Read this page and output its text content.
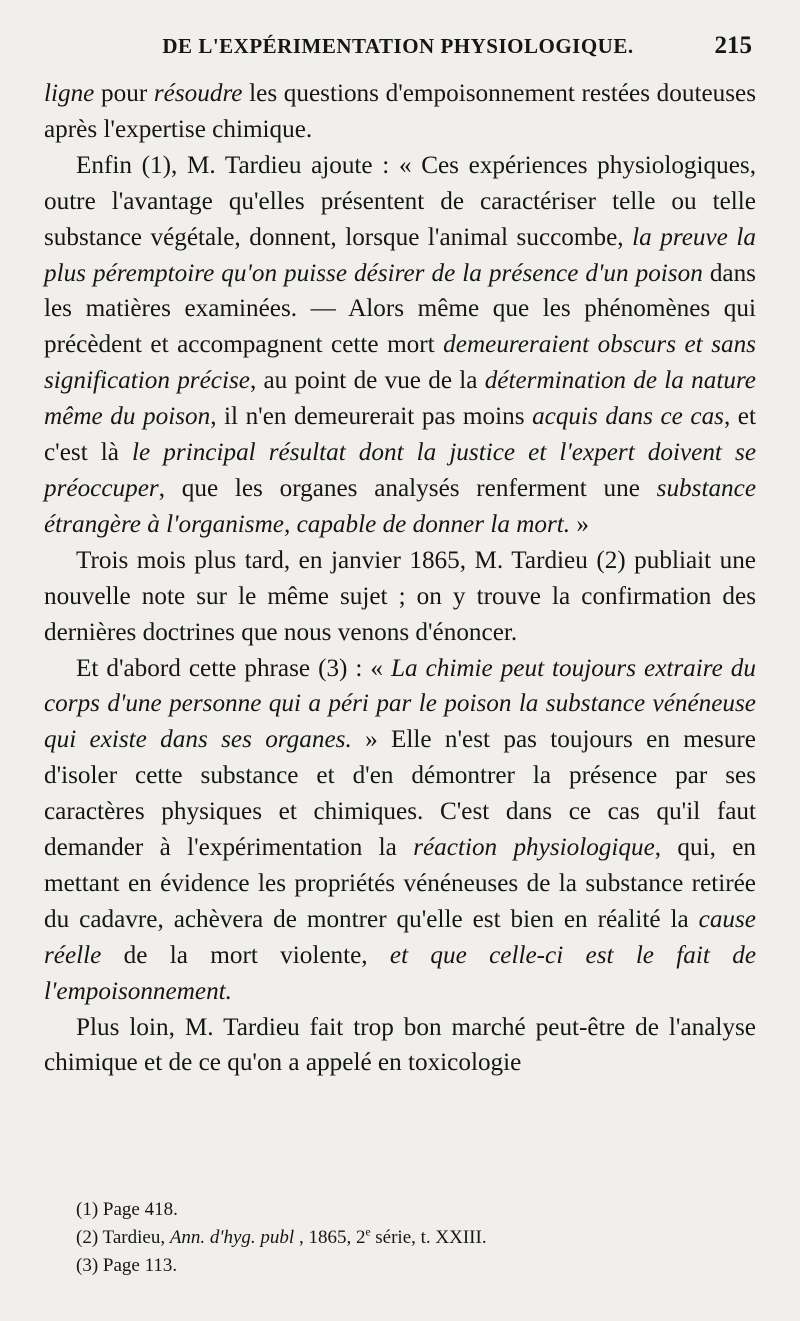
DE L'EXPÉRIMENTATION PHYSIOLOGIQUE.	215

ligne pour résoudre les questions d'empoisonnement restées douteuses après l'expertise chimique.

Enfin (1), M. Tardieu ajoute : « Ces expériences physiologiques, outre l'avantage qu'elles présentent de caractériser telle ou telle substance végétale, donnent, lorsque l'animal succombe, la preuve la plus péremptoire qu'on puisse désirer de la présence d'un poison dans les matières examinées. — Alors même que les phénomènes qui précèdent et accompagnent cette mort demeureraient obscurs et sans signification précise, au point de vue de la détermination de la nature même du poison, il n'en demeurerait pas moins acquis dans ce cas, et c'est là le principal résultat dont la justice et l'expert doivent se préoccuper, que les organes analysés renferment une substance étrangère à l'organisme, capable de donner la mort. »

Trois mois plus tard, en janvier 1865, M. Tardieu (2) publiait une nouvelle note sur le même sujet ; on y trouve la confirmation des dernières doctrines que nous venons d'énoncer.

Et d'abord cette phrase (3) : « La chimie peut toujours extraire du corps d'une personne qui a péri par le poison la substance vénéneuse qui existe dans ses organes. » Elle n'est pas toujours en mesure d'isoler cette substance et d'en démontrer la présence par ses caractères physiques et chimiques. C'est dans ce cas qu'il faut demander à l'expérimentation la réaction physiologique, qui, en mettant en évidence les propriétés vénéneuses de la substance retirée du cadavre, achèvera de montrer qu'elle est bien en réalité la cause réelle de la mort violente, et que celle-ci est le fait de l'empoisonnement.

Plus loin, M. Tardieu fait trop bon marché peut-être de l'analyse chimique et de ce qu'on a appelé en toxicologie

(1) Page 418.
(2) Tardieu, Ann. d'hyg. publ , 1865, 2e série, t. XXIII.
(3) Page 113.
